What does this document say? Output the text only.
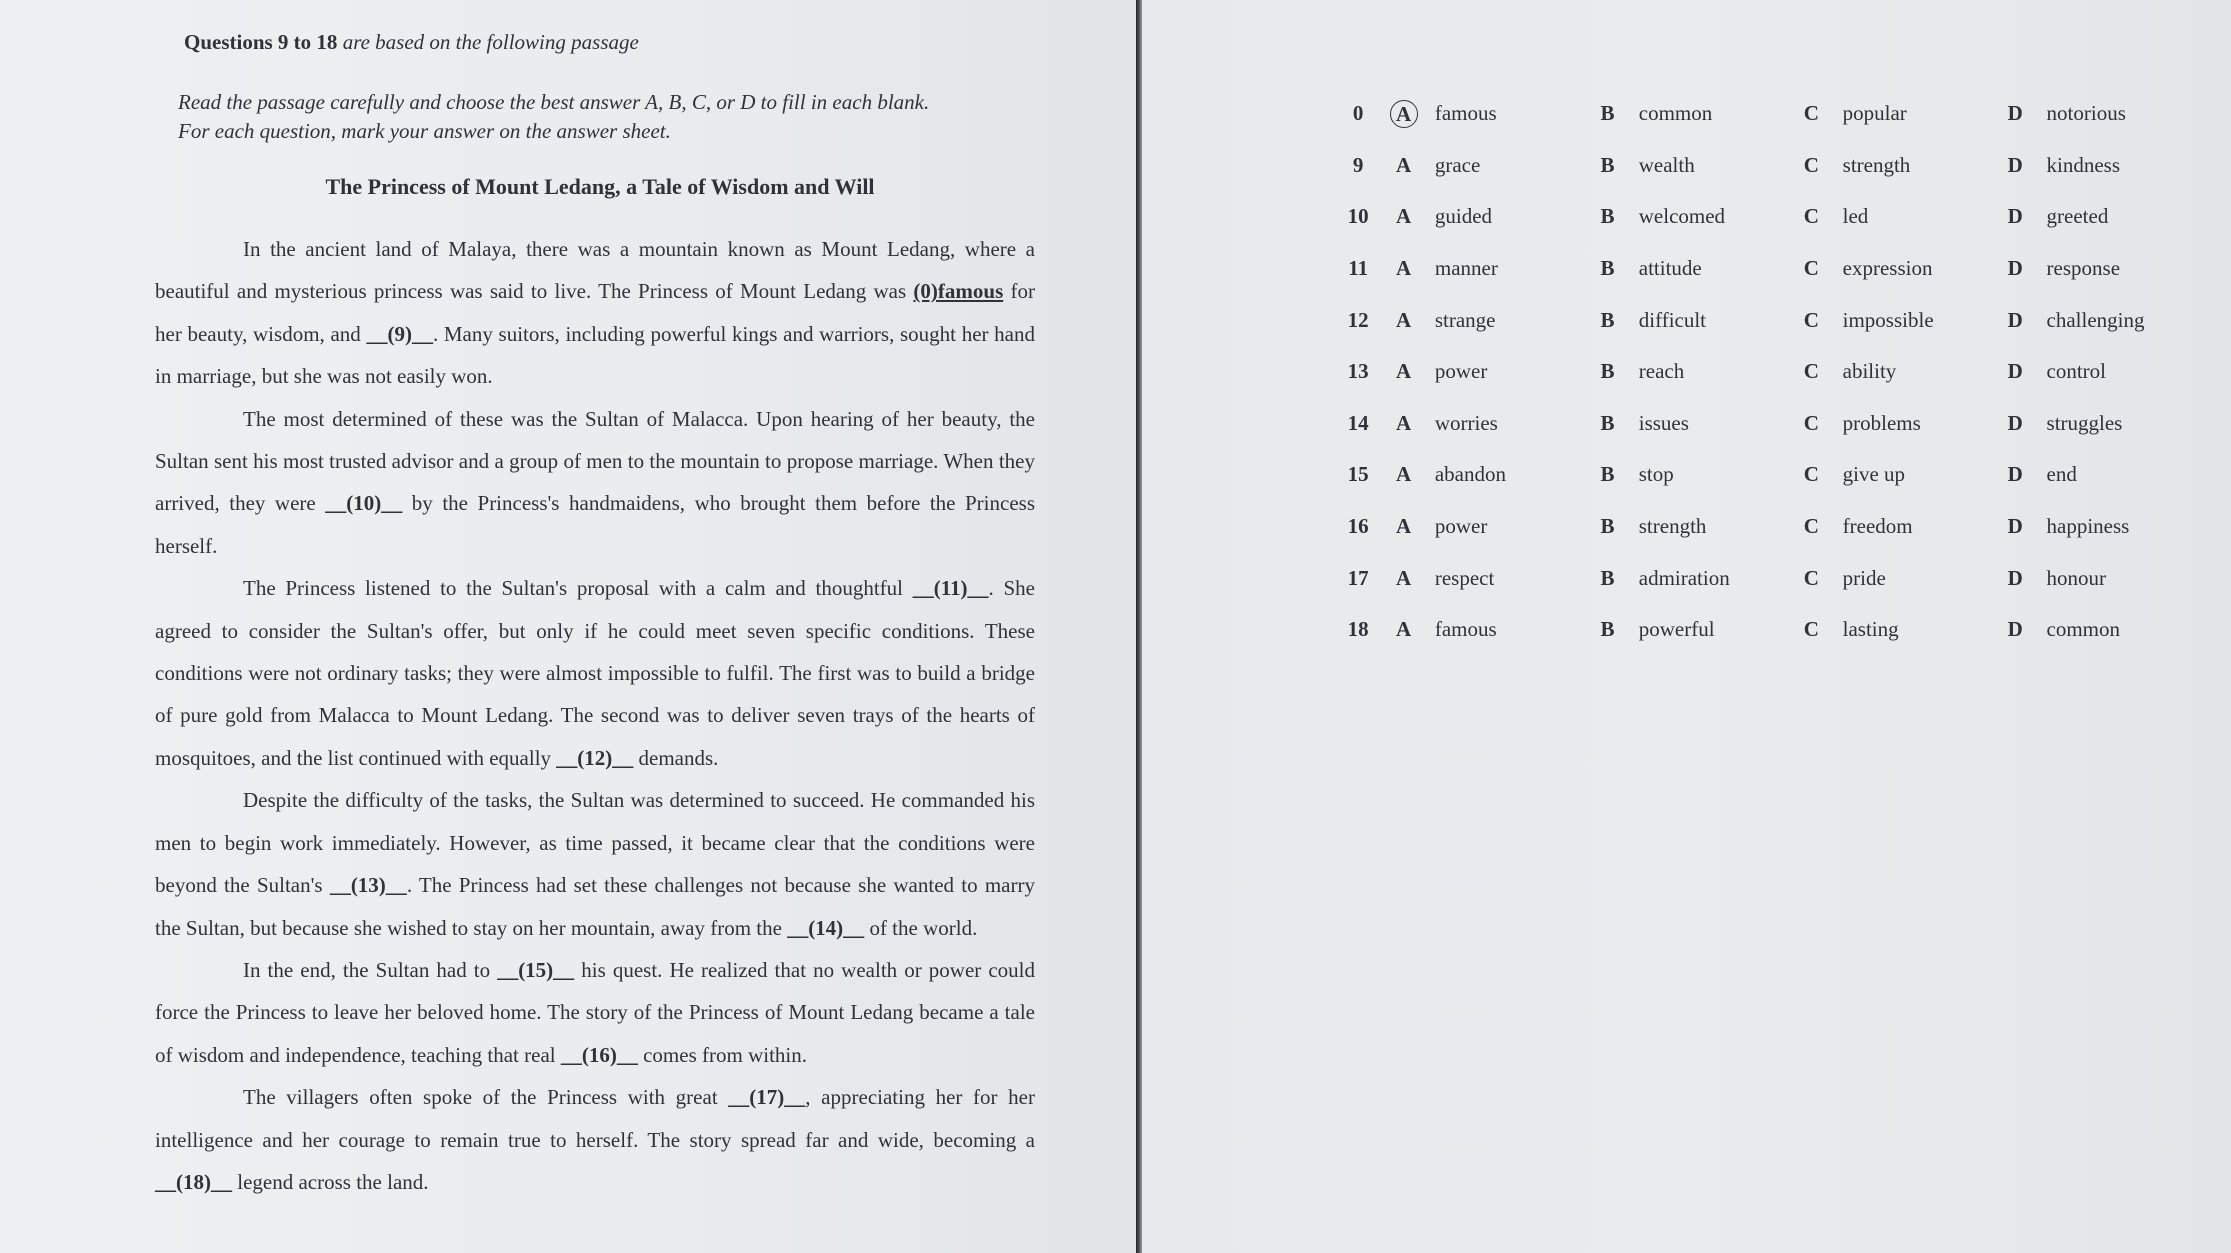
Questions 9 to 18 are based on the following passage
Read the passage carefully and choose the best answer A, B, C, or D to fill in each blank.
For each question, mark your answer on the answer sheet.
The Princess of Mount Ledang, a Tale of Wisdom and Will

In the ancient land of Malaya, there was a mountain known as Mount Ledang, where a beautiful and mysterious princess was said to live. The Princess of Mount Ledang was (0)famous for her beauty, wisdom, and __(9)__. Many suitors, including powerful kings and warriors, sought her hand in marriage, but she was not easily won.

The most determined of these was the Sultan of Malacca. Upon hearing of her beauty, the Sultan sent his most trusted advisor and a group of men to the mountain to propose marriage. When they arrived, they were __(10)__ by the Princess's handmaidens, who brought them before the Princess herself.

The Princess listened to the Sultan's proposal with a calm and thoughtful __(11)__. She agreed to consider the Sultan's offer, but only if he could meet seven specific conditions. These conditions were not ordinary tasks; they were almost impossible to fulfil. The first was to build a bridge of pure gold from Malacca to Mount Ledang. The second was to deliver seven trays of the hearts of mosquitoes, and the list continued with equally __(12)__ demands.

Despite the difficulty of the tasks, the Sultan was determined to succeed. He commanded his men to begin work immediately. However, as time passed, it became clear that the conditions were beyond the Sultan's __(13)__. The Princess had set these challenges not because she wanted to marry the Sultan, but because she wished to stay on her mountain, away from the __(14)__ of the world.

In the end, the Sultan had to __(15)__ his quest. He realized that no wealth or power could force the Princess to leave her beloved home. The story of the Princess of Mount Ledang became a tale of wisdom and independence, teaching that real __(16)__ comes from within.

The villagers often spoke of the Princess with great __(17)__, appreciating her for her intelligence and her courage to remain true to herself. The story spread far and wide, becoming a __(18)__ legend across the land.

0	A	famous	B	common	C	popular	D	notorious
9	A	grace	B	wealth	C	strength	D	kindness
10	A	guided	B	welcomed	C	led	D	greeted
11	A	manner	B	attitude	C	expression	D	response
12	A	strange	B	difficult	C	impossible	D	challenging
13	A	power	B	reach	C	ability	D	control
14	A	worries	B	issues	C	problems	D	struggles
15	A	abandon	B	stop	C	give up	D	end
16	A	power	B	strength	C	freedom	D	happiness
17	A	respect	B	admiration	C	pride	D	honour
18	A	famous	B	powerful	C	lasting	D	common
